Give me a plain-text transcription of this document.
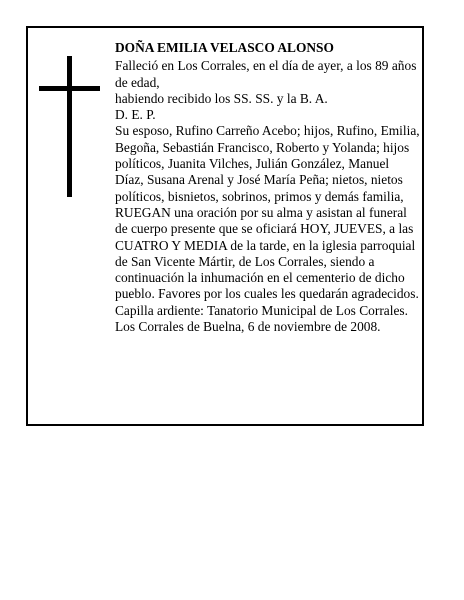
DOÑA EMILIA VELASCO ALONSO

Falleció en Los Corrales, en el día de ayer, a los 89 años de edad,

habiendo recibido los SS. SS. y la B. A.

D. E. P.

Su esposo, Rufino Carreño Acebo; hijos, Rufino, Emilia, Begoña, Sebastián Francisco, Roberto y Yolanda; hijos políticos, Juanita Vilches, Julián González, Manuel Díaz, Susana Arenal y José María Peña; nietos, nietos políticos, bisnietos, sobrinos, primos y demás familia,

RUEGAN una oración por su alma y asistan al funeral de cuerpo presente que se oficiará HOY, JUEVES, a las CUATRO Y MEDIA de la tarde, en la iglesia parroquial de San Vicente Mártir, de Los Corrales, siendo a continuación la inhumación en el cementerio de dicho pueblo. Favores por los cuales les quedarán agradecidos. Capilla ardiente: Tanatorio Municipal de Los Corrales.

Los Corrales de Buelna, 6 de noviembre de 2008.
